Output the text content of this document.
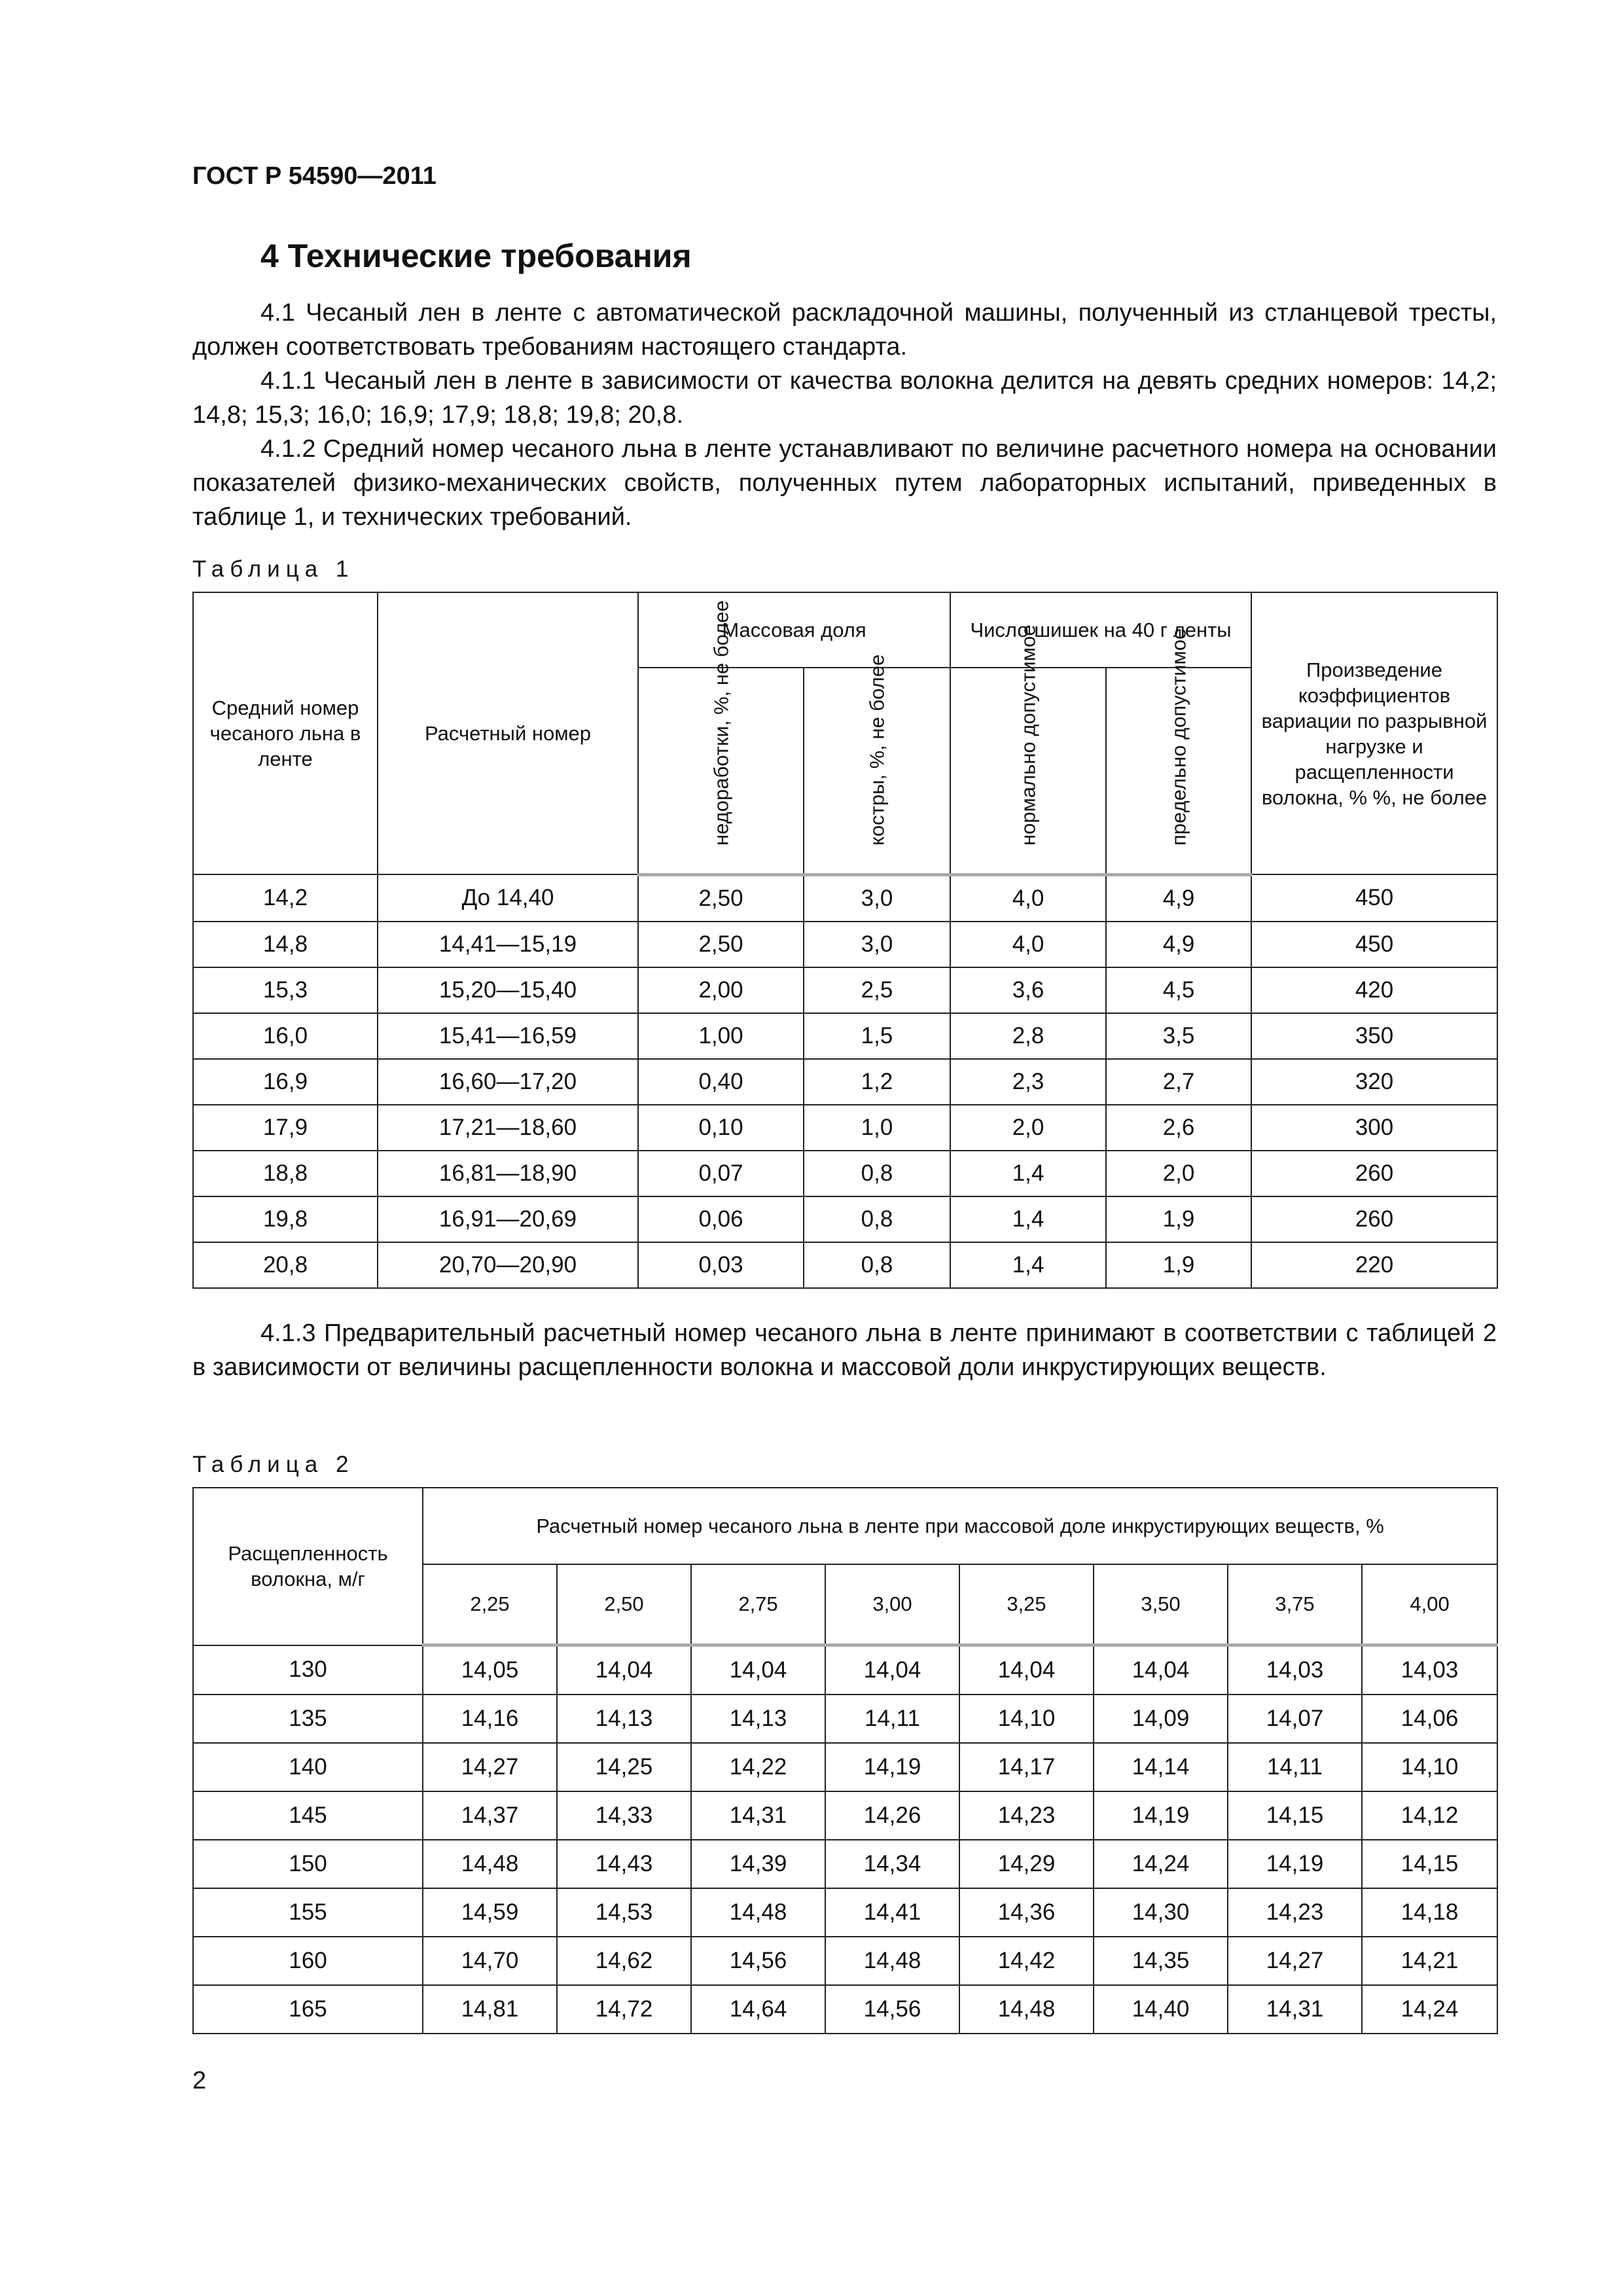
ГОСТ Р 54590—2011
4 Технические требования

4.1 Чесаный лен в ленте с автоматической раскладочной машины, полученный из стланцевой тресты, должен соответствовать требованиям настоящего стандарта.

4.1.1 Чесаный лен в ленте в зависимости от качества волокна делится на девять средних номеров: 14,2; 14,8; 15,3; 16,0; 16,9; 17,9; 18,8; 19,8; 20,8.

4.1.2 Средний номер чесаного льна в ленте устанавливают по величине расчетного номера на основании показателей физико-механических свойств, полученных путем лабораторных испытаний, приведенных в таблице 1, и технических требований.

Таблица 1
Средний номер чесаного льна в ленте	Расчетный номер	Массовая доля		Число шишек на 40 г ленты		Произведение коэффициентов вариации по разрывной нагрузке и расщепленности волокна, % %, не более

		недоработки, %, не более	костры, %, не более	нормально допустимое	предельно допустимое	

14,2	До 14,40	2,50	3,0	4,0	4,9	450
14,8	14,41—15,19	2,50	3,0	4,0	4,9	450
15,3	15,20—15,40	2,00	2,5	3,6	4,5	420
16,0	15,41—16,59	1,00	1,5	2,8	3,5	350
16,9	16,60—17,20	0,40	1,2	2,3	2,7	320
17,9	17,21—18,60	0,10	1,0	2,0	2,6	300
18,8	16,81—18,90	0,07	0,8	1,4	2,0	260
19,8	16,91—20,69	0,06	0,8	1,4	1,9	260
20,8	20,70—20,90	0,03	0,8	1,4	1,9	220

4.1.3 Предварительный расчетный номер чесаного льна в ленте принимают в соответствии с таблицей 2 в зависимости от величины расщепленности волокна и массовой доли инкрустирующих веществ.

Таблица 2
Расщепленность волокна, м/г	Расчетный номер чесаного льна в ленте при массовой доле инкрустирующих веществ, %							
	2,25	2,50	2,75	3,00	3,25	3,50	3,75	4,00
130	14,05	14,04	14,04	14,04	14,04	14,04	14,03	14,03
135	14,16	14,13	14,13	14,11	14,10	14,09	14,07	14,06
140	14,27	14,25	14,22	14,19	14,17	14,14	14,11	14,10
145	14,37	14,33	14,31	14,26	14,23	14,19	14,15	14,12
150	14,48	14,43	14,39	14,34	14,29	14,24	14,19	14,15
155	14,59	14,53	14,48	14,41	14,36	14,30	14,23	14,18
160	14,70	14,62	14,56	14,48	14,42	14,35	14,27	14,21
165	14,81	14,72	14,64	14,56	14,48	14,40	14,31	14,24
2
